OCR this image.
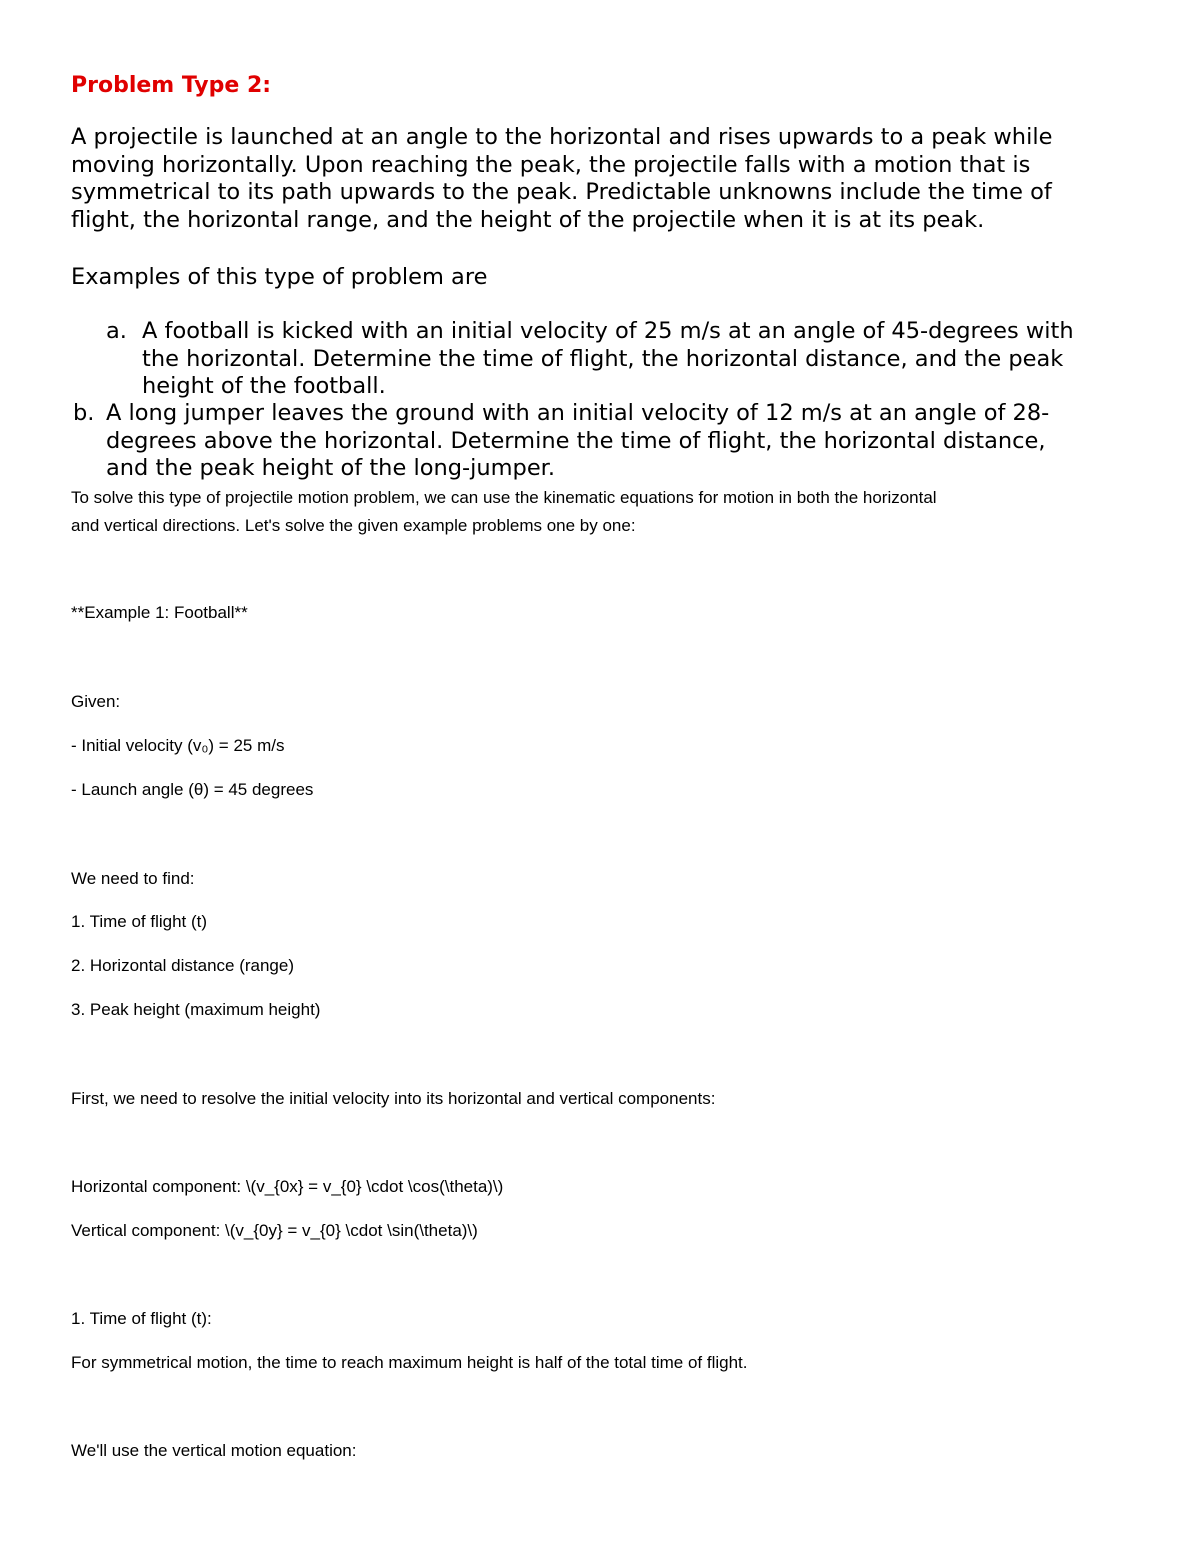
Problem Type 2:

A projectile is launched at an angle to the horizontal and rises upwards to a peak while
moving horizontally. Upon reaching the peak, the projectile falls with a motion that is
symmetrical to its path upwards to the peak. Predictable unknowns include the time of
flight, the horizontal range, and the height of the projectile when it is at its peak.

Examples of this type of problem are
a. A football is kicked with an initial velocity of 25 m/s at an angle of 45-degrees with
the horizontal. Determine the time of flight, the horizontal distance, and the peak
height of the football.
b. A long jumper leaves the ground with an initial velocity of 12 m/s at an angle of 28-
degrees above the horizontal. Determine the time of flight, the horizontal distance,
and the peak height of the long-jumper.
To solve this type of projectile motion problem, we can use the kinematic equations for motion in both the horizontal
and vertical directions. Let's solve the given example problems one by one:
**Example 1: Football**
Given:
- Initial velocity (v₀) = 25 m/s
- Launch angle (θ) = 45 degrees
We need to find:
1. Time of flight (t)
2. Horizontal distance (range)
3. Peak height (maximum height)
First, we need to resolve the initial velocity into its horizontal and vertical components:
Horizontal component: \(v_{0x} = v_{0} \cdot \cos(\theta)\)
Vertical component: \(v_{0y} = v_{0} \cdot \sin(\theta)\)
1. Time of flight (t):
For symmetrical motion, the time to reach maximum height is half of the total time of flight.
We'll use the vertical motion equation:
